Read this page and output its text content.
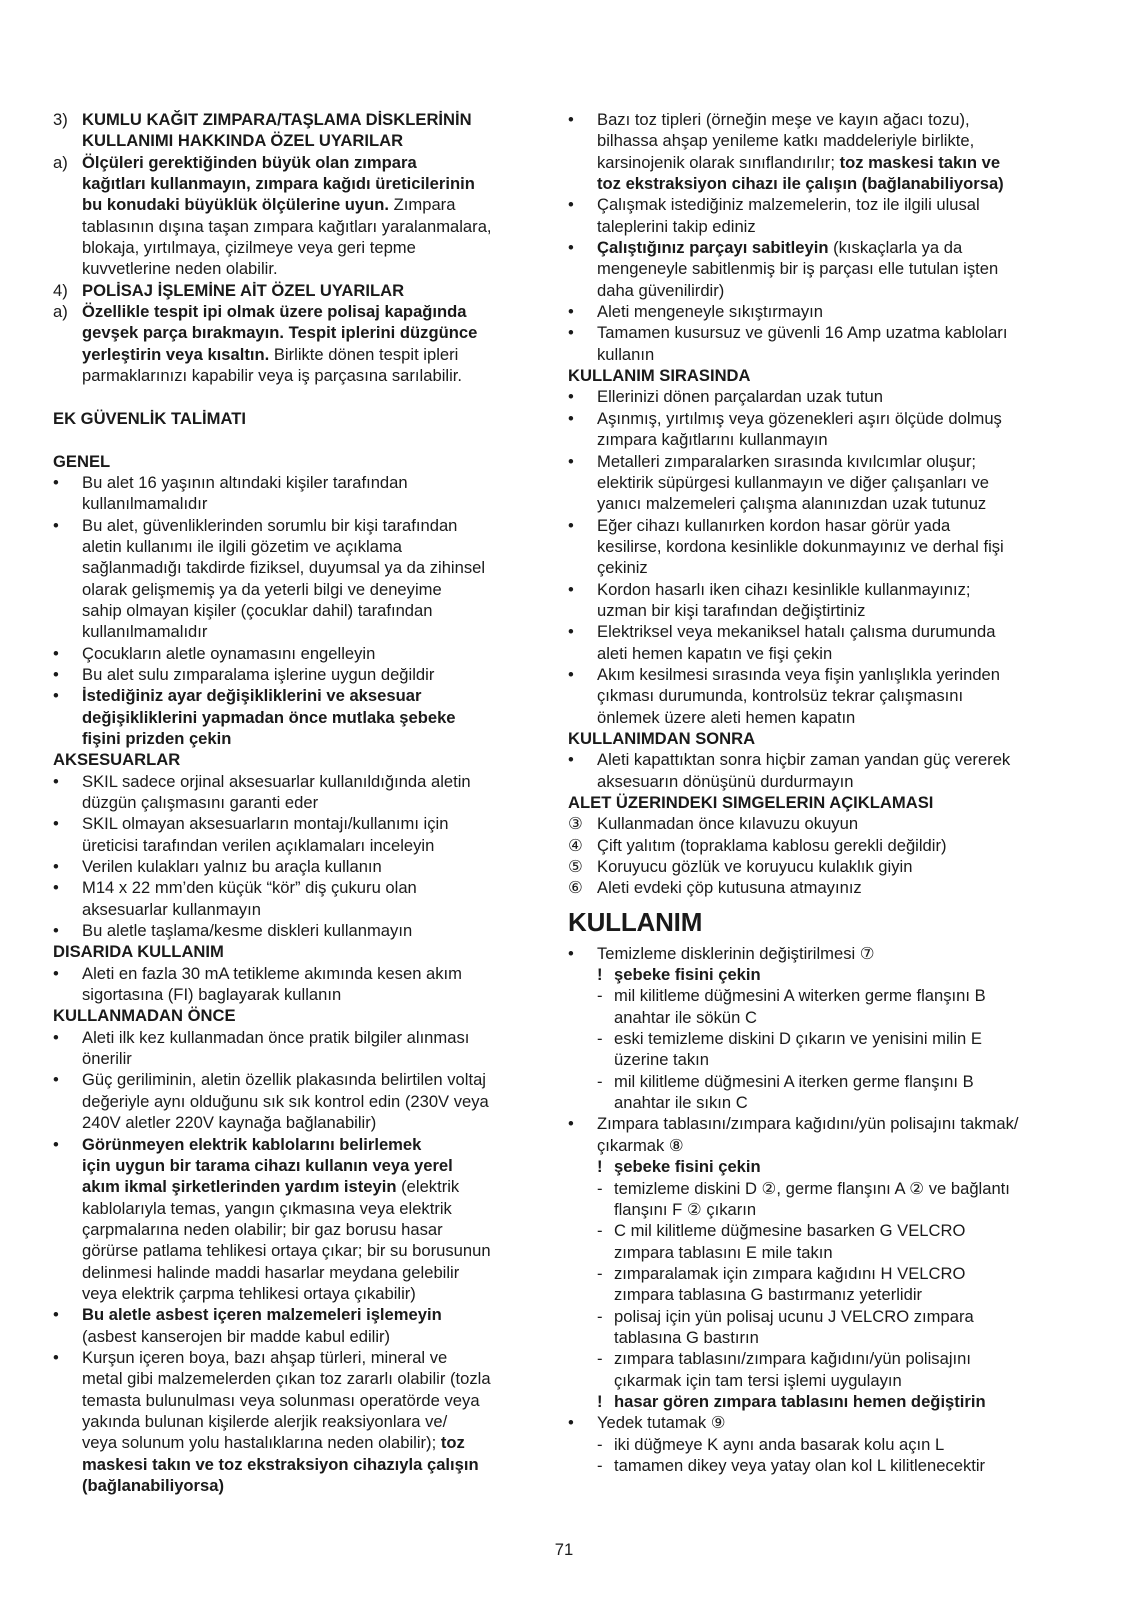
3) KUMLU KAĞIT ZIMPARA/TAŞLAMA DİSKLERİNİN
KULLANIMI HAKKINDA ÖZEL UYARILAR
a) Ölçüleri gerektiğinden büyük olan zımpara
kağıtları kullanmayın, zımpara kağıdı üreticilerinin
bu konudaki büyüklük ölçülerine uyun. Zımpara
tablasının dışına taşan zımpara kağıtları yaralanmalara,
blokaja, yırtılmaya, çizilmeye veya geri tepme
kuvvetlerine neden olabilir.
4) POLİSAJ İŞLEMİNE AİT ÖZEL UYARILAR
a) Özellikle tespit ipi olmak üzere polisaj kapağında
gevşek parça bırakmayın. Tespit iplerini düzgünce
yerleştirin veya kısaltın. Birlikte dönen tespit ipleri
parmaklarınızı kapabilir veya iş parçasına sarılabilir.
EK GÜVENLİK TALİMATI
GENEL
•	Bu alet 16 yaşının altındaki kişiler tarafından
kullanılmamalıdır
•	Bu alet, güvenliklerinden sorumlu bir kişi tarafından
aletin kullanımı ile ilgili gözetim ve açıklama
sağlanmadığı takdirde fiziksel, duyumsal ya da zihinsel
olarak gelişmemiş ya da yeterli bilgi ve deneyime
sahip olmayan kişiler (çocuklar dahil) tarafından
kullanılmamalıdır
•	Çocukların aletle oynamasını engelleyin
•	Bu alet sulu zımparalama işlerine uygun değildir
•	İstediğiniz ayar değişikliklerini ve aksesuar
değişikliklerini yapmadan önce mutlaka şebeke
fişini prizden çekin
AKSESUARLAR
•	SKIL sadece orjinal aksesuarlar kullanıldığında aletin
düzgün çalışmasını garanti eder
•	SKIL olmayan aksesuarların montajı/kullanımı için
üreticisi tarafından verilen açıklamaları inceleyin
•	Verilen kulakları yalnız bu araçla kullanın
•	M14 x 22 mm’den küçük “kör” diş çukuru olan
aksesuarlar kullanmayın
•	Bu aletle taşlama/kesme diskleri kullanmayın
DISARIDA KULLANIM
•	Aleti en fazla 30 mA tetikleme akımında kesen akım
sigortasına (FI) baglayarak kullanın
KULLANMADAN ÖNCE
•	Aleti ilk kez kullanmadan önce pratik bilgiler alınması
önerilir
•	Güç geriliminin, aletin özellik plakasında belirtilen voltaj
değeriyle aynı olduğunu sık sık kontrol edin (230V veya
240V aletler 220V kaynağa bağlanabilir)
•	Görünmeyen elektrik kablolarını belirlemek
için uygun bir tarama cihazı kullanın veya yerel
akım ikmal şirketlerinden yardım isteyin (elektrik
kablolarıyla temas, yangın çıkmasına veya elektrik
çarpmalarına neden olabilir; bir gaz borusu hasar
görürse patlama tehlikesi ortaya çıkar; bir su borusunun
delinmesi halinde maddi hasarlar meydana gelebilir
veya elektrik çarpma tehlikesi ortaya çıkabilir)
•	Bu aletle asbest içeren malzemeleri işlemeyin
(asbest kanserojen bir madde kabul edilir)
•	Kurşun içeren boya, bazı ahşap türleri, mineral ve
metal gibi malzemelerden çıkan toz zararlı olabilir (tozla
temasta bulunulması veya solunması operatörde veya
yakında bulunan kişilerde alerjik reaksiyonlara ve/
veya solunum yolu hastalıklarına neden olabilir); toz
maskesi takın ve toz ekstraksiyon cihazıyla çalışın
(bağlanabiliyorsa)
•	Bazı toz tipleri (örneğin meşe ve kayın ağacı tozu),
bilhassa ahşap yenileme katkı maddeleriyle birlikte,
karsinojenik olarak sınıflandırılır; toz maskesi takın ve
toz ekstraksiyon cihazı ile çalışın (bağlanabiliyorsa)
•	Çalışmak istediğiniz malzemelerin, toz ile ilgili ulusal
taleplerini takip ediniz
•	Çalıştığınız parçayı sabitleyin (kıskaçlarla ya da
mengeneyle sabitlenmiş bir iş parçası elle tutulan işten
daha güvenilirdir)
•	Aleti mengeneyle sıkıştırmayın
•	Tamamen kusursuz ve güvenli 16 Amp uzatma kabloları
kullanın
KULLANIM SIRASINDA
•	Ellerinizi dönen parçalardan uzak tutun
•	Aşınmış, yırtılmış veya gözenekleri aşırı ölçüde dolmuş
zımpara kağıtlarını kullanmayın
•	Metalleri zımparalarken sırasında kıvılcımlar oluşur;
elektirik süpürgesi kullanmayın ve diğer çalışanları ve
yanıcı malzemeleri çalışma alanınızdan uzak tutunuz
•	Eğer cihazı kullanırken kordon hasar görür yada
kesilirse, kordona kesinlikle dokunmayınız ve derhal fişi
çekiniz
•	Kordon hasarlı iken cihazı kesinlikle kullanmayınız;
uzman bir kişi tarafından değiştirtiniz
•	Elektriksel veya mekaniksel hatalı çalısma durumunda
aleti hemen kapatın ve fişi çekin
•	Akım kesilmesi sırasında veya fişin yanlışlıkla yerinden
çıkması durumunda, kontrolsüz tekrar çalışmasını
önlemek üzere aleti hemen kapatın
KULLANIMDAN SONRA
•	Aleti kapattıktan sonra hiçbir zaman yandan güç vererek
aksesuarın dönüşünü durdurmayın
ALET ÜZERINDEKI SIMGELERIN AÇIKLAMASI
③ Kullanmadan önce kılavuzu okuyun
④ Çift yalıtım (topraklama kablosu gerekli değildir)
⑤ Koruyucu gözlük ve koruyucu kulaklık giyin
⑥ Aleti evdeki çöp kutusuna atmayınız
KULLANIM
•	Temizleme disklerinin değiştirilmesi ⑦
! şebeke fisini çekin
- mil kilitleme düğmesini A witerken germe flanşını B
anahtar ile sökün C
- eski temizleme diskini D çıkarın ve yenisini milin E
üzerine takın
- mil kilitleme düğmesini A iterken germe flanşını B
anahtar ile sıkın C
•	Zımpara tablasını/zımpara kağıdını/yün polisajını takmak/
çıkarmak ⑧
! şebeke fisini çekin
- temizleme diskini D ②, germe flanşını A ② ve bağlantı
flanşını F ② çıkarın
- C mil kilitleme düğmesine basarken G VELCRO
zımpara tablasını E mile takın
- zımparalamak için zımpara kağıdını H VELCRO
zımpara tablasına G bastırmanız yeterlidir
- polisaj için yün polisaj ucunu J VELCRO zımpara
tablasına G bastırın
- zımpara tablasını/zımpara kağıdını/yün polisajını
çıkarmak için tam tersi işlemi uygulayın
! hasar gören zımpara tablasını hemen değiştirin
•	Yedek tutamak ⑨
- iki düğmeye K aynı anda basarak kolu açın L
- tamamen dikey veya yatay olan kol L kilitlenecektir
71
